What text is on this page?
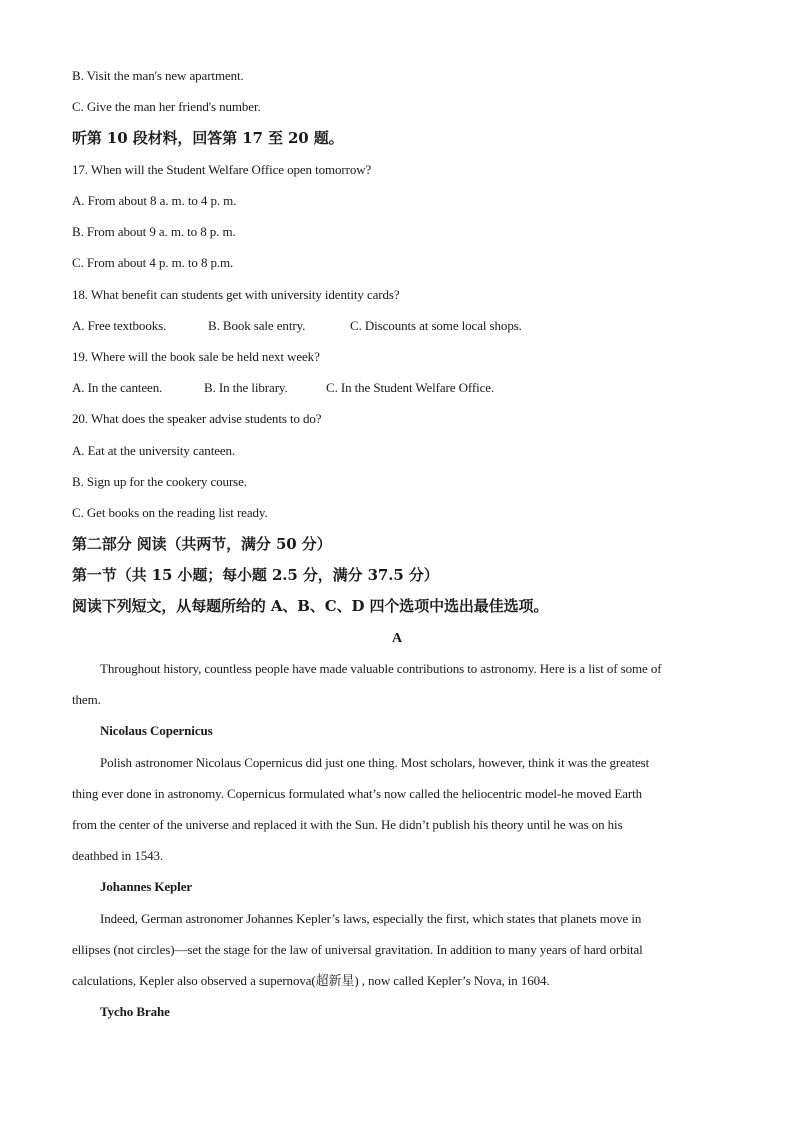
B. Visit the man's new apartment.
C. Give the man her friend's number.
听第 10 段材料，回答第 17 至 20 题。
17. When will the Student Welfare Office open tomorrow?
A. From about 8 a. m. to 4 p. m.
B. From about 9 a. m. to 8 p. m.
C. From about 4 p. m. to 8 p.m.
18. What benefit can students get with university identity cards?
A. Free textbooks.	B. Book sale entry.	C. Discounts at some local shops.
19. Where will the book sale be held next week?
A. In the canteen.	B. In the library.	C. In the Student Welfare Office.
20. What does the speaker advise students to do?
A. Eat at the university canteen.
B. Sign up for the cookery course.
C. Get books on the reading list ready.
第二部分 阅读（共两节，满分 50 分）
第一节（共 15 小题；每小题 2.5 分，满分 37.5 分）
阅读下列短文，从每题所给的 A、B、C、D 四个选项中选出最佳选项。
A
Throughout history, countless people have made valuable contributions to astronomy. Here is a list of some of
them.
Nicolaus Copernicus
Polish astronomer Nicolaus Copernicus did just one thing. Most scholars, however, think it was the greatest
thing ever done in astronomy. Copernicus formulated what’s now called the heliocentric model-he moved Earth
from the center of the universe and replaced it with the Sun. He didn’t publish his theory until he was on his
deathbed in 1543.
Johannes Kepler
Indeed, German astronomer Johannes Kepler’s laws, especially the first, which states that planets move in
ellipses (not circles)—set the stage for the law of universal gravitation. In addition to many years of hard orbital
calculations, Kepler also observed a supernova(超新星) , now called Kepler’s Nova, in 1604.
Tycho Brahe
